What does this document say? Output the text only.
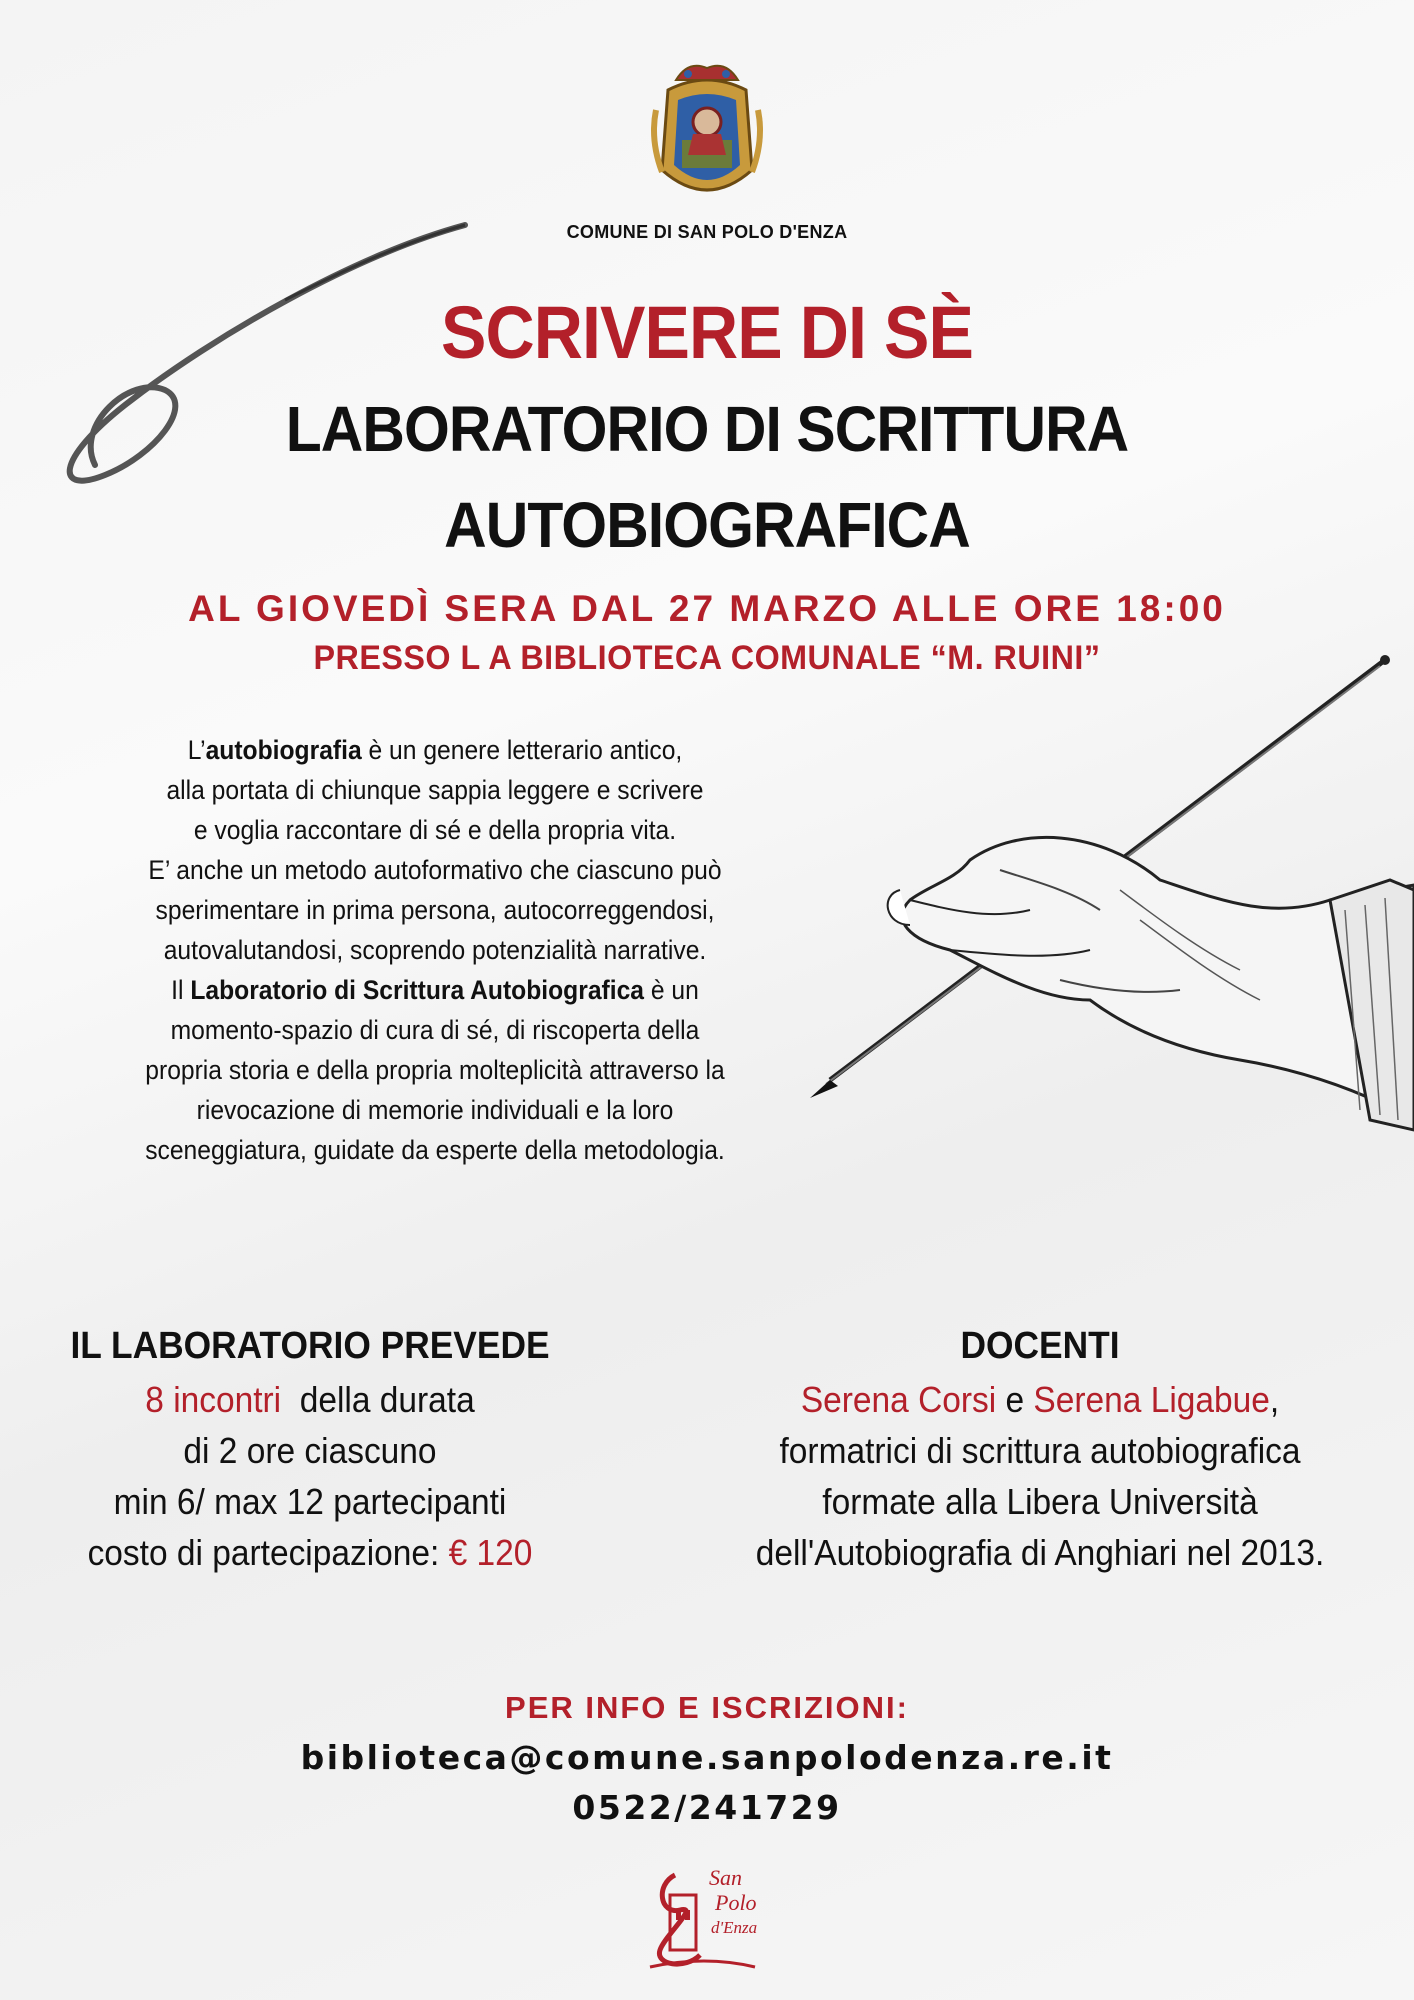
COMUNE DI SAN POLO D'ENZA
SCRIVERE DI SÈ
LABORATORIO DI SCRITTURA
AUTOBIOGRAFICA
AL GIOVEDÌ SERA DAL 27 MARZO ALLE ORE 18:00
PRESSO L A BIBLIOTECA COMUNALE “M. RUINI”
L’autobiografia è un genere letterario antico,
alla portata di chiunque sappia leggere e scrivere
e voglia raccontare di sé e della propria vita.
E’ anche un metodo autoformativo che ciascuno può
sperimentare in prima persona, autocorreggendosi,
autovalutandosi, scoprendo potenzialità narrative.
Il Laboratorio di Scrittura Autobiografica è un
momento-spazio di cura di sé, di riscoperta della
propria storia e della propria molteplicità attraverso la
rievocazione di memorie individuali e la loro
sceneggiatura, guidate da esperte della metodologia.
IL LABORATORIO PREVEDE
8 incontri  della durata
di 2 ore ciascuno
min 6/ max 12 partecipanti
costo di partecipazione: € 120
DOCENTI
Serena Corsi e Serena Ligabue,
formatrici di scrittura autobiografica
formate alla Libera Università
dell'Autobiografia di Anghiari nel 2013.
PER INFO E ISCRIZIONI:
biblioteca@comune.sanpolodenza.re.it
0522/241729
San
Polo
d'Enza
